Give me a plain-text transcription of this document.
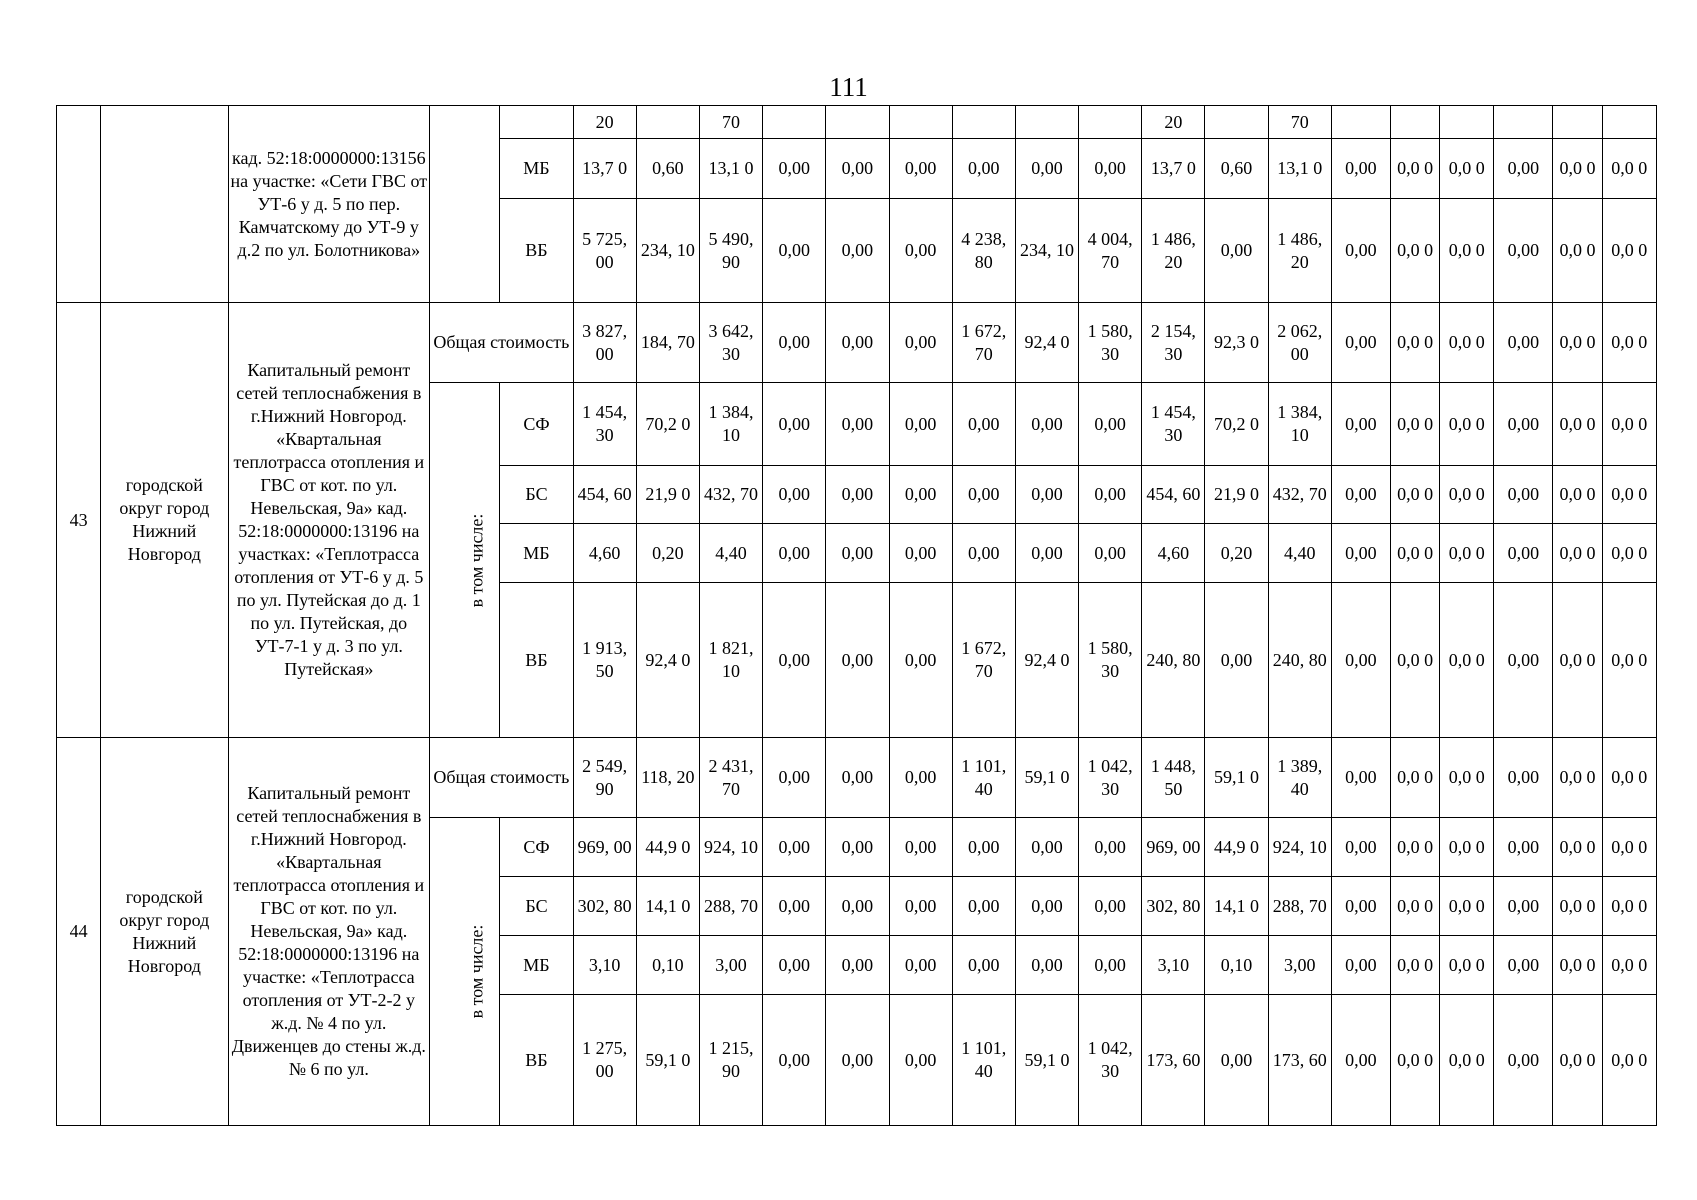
111
		кад. 52:18:0000000:13156 на участке: «Сети ГВС от УТ-6 у д. 5 по пер. Камчатскому до УТ-9 у д.2 по ул. Болотникова»			20		70							20		70						
				МБ	13,7 0	0,60	13,1 0	0,00	0,00	0,00	0,00	0,00	0,00	13,7 0	0,60	13,1 0	0,00	0,0 0	0,0 0	0,00	0,0 0	0,0 0
				ВБ	5 725, 00	234, 10	5 490, 90	0,00	0,00	0,00	4 238, 80	234, 10	4 004, 70	1 486, 20	0,00	1 486, 20	0,00	0,0 0	0,0 0	0,00	0,0 0	0,0 0
43	городской округ город Нижний Новгород	Капитальный ремонт сетей теплоснабжения в г.Нижний Новгород. «Квартальная теплотрасса отопления и ГВС от кот. по ул. Невельская, 9а» кад. 52:18:0000000:13196 на участках: «Теплотрасса отопления от УТ-6 у д. 5 по ул. Путейская до д. 1 по ул. Путейская, до УТ-7-1 у д. 3 по ул. Путейская»	Общая стоимость		3 827, 00	184, 70	3 642, 30	0,00	0,00	0,00	1 672, 70	92,4 0	1 580, 30	2 154, 30	92,3 0	2 062, 00	0,00	0,0 0	0,0 0	0,00	0,0 0	0,0 0
			в том числе:	СФ	1 454, 30	70,2 0	1 384, 10	0,00	0,00	0,00	0,00	0,00	0,00	1 454, 30	70,2 0	1 384, 10	0,00	0,0 0	0,0 0	0,00	0,0 0	0,0 0
				БС	454, 60	21,9 0	432, 70	0,00	0,00	0,00	0,00	0,00	0,00	454, 60	21,9 0	432, 70	0,00	0,0 0	0,0 0	0,00	0,0 0	0,0 0
				МБ	4,60	0,20	4,40	0,00	0,00	0,00	0,00	0,00	0,00	4,60	0,20	4,40	0,00	0,0 0	0,0 0	0,00	0,0 0	0,0 0
				ВБ	1 913, 50	92,4 0	1 821, 10	0,00	0,00	0,00	1 672, 70	92,4 0	1 580, 30	240, 80	0,00	240, 80	0,00	0,0 0	0,0 0	0,00	0,0 0	0,0 0
44	городской округ город Нижний Новгород	Капитальный ремонт сетей теплоснабжения в г.Нижний Новгород. «Квартальная теплотрасса отопления и ГВС от кот. по ул. Невельская, 9а» кад. 52:18:0000000:13196 на участке: «Теплотрасса отопления от УТ-2-2 у ж.д. № 4 по ул. Движенцев до стены ж.д. № 6 по ул.	Общая стоимость		2 549, 90	118, 20	2 431, 70	0,00	0,00	0,00	1 101, 40	59,1 0	1 042, 30	1 448, 50	59,1 0	1 389, 40	0,00	0,0 0	0,0 0	0,00	0,0 0	0,0 0
			в том числе:	СФ	969, 00	44,9 0	924, 10	0,00	0,00	0,00	0,00	0,00	0,00	969, 00	44,9 0	924, 10	0,00	0,0 0	0,0 0	0,00	0,0 0	0,0 0
				БС	302, 80	14,1 0	288, 70	0,00	0,00	0,00	0,00	0,00	0,00	302, 80	14,1 0	288, 70	0,00	0,0 0	0,0 0	0,00	0,0 0	0,0 0
				МБ	3,10	0,10	3,00	0,00	0,00	0,00	0,00	0,00	0,00	3,10	0,10	3,00	0,00	0,0 0	0,0 0	0,00	0,0 0	0,0 0
				ВБ	1 275, 00	59,1 0	1 215, 90	0,00	0,00	0,00	1 101, 40	59,1 0	1 042, 30	173, 60	0,00	173, 60	0,00	0,0 0	0,0 0	0,00	0,0 0	0,0 0
